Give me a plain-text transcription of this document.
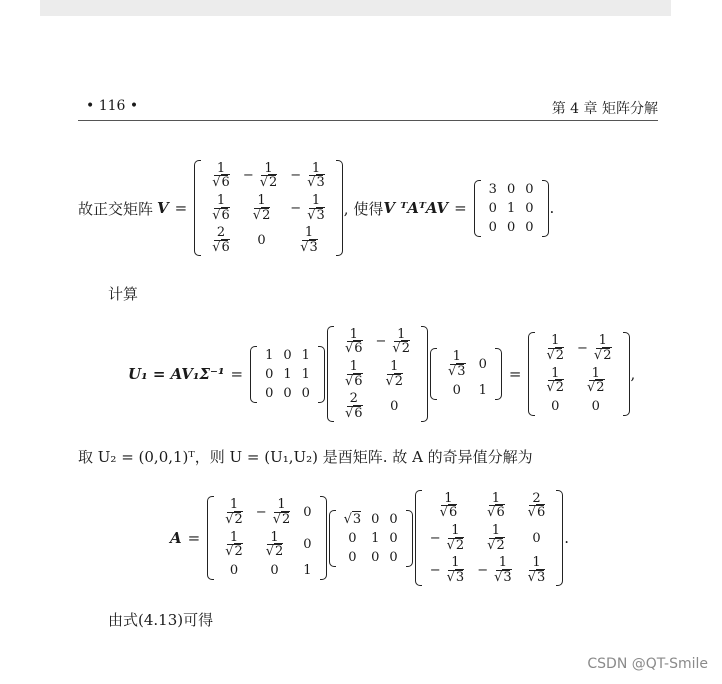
• 116 •	第 4 章 矩阵分解
故正交矩阵 V =
$\frac{1}{√6} - \frac{1}{√2} - \frac{1}{√3}$
$\frac{1}{√6} \frac{1}{√2} - \frac{1}{√3}$
$\frac{2}{√6} 0 \frac{1}{√3}$
, 使得 V ᵀAᵀAV =
3 0 0
0 1 0
0 0 0
.
计算
U₁ = AV₁Σ⁻¹ =
1 0 1
0 1 1
0 0 0
$\frac{1}{√6} - \frac{1}{√2}$
$\frac{1}{√6} \frac{1}{√2}$
$\frac{2}{√6} 0$
$\frac{1}{√3} 0$
0 1
=
$\frac{1}{√2} - \frac{1}{√2}$
$\frac{1}{√2} \frac{1}{√2}$
0 0
,
取 U₂ = (0,0,1)ᵀ，则 U = (U₁,U₂) 是酉矩阵. 故 A 的奇异值分解为
A =
$\frac{1}{√2} - \frac{1}{√2} 0$
$\frac{1}{√2} \frac{1}{√2} 0$
0 0 1
√3 0 0
0 1 0
0 0 0
$\frac{1}{√6} \frac{1}{√6} \frac{2}{√6}$
− $\frac{1}{√2} \frac{1}{√2} 0$
− $\frac{1}{√3} - \frac{1}{√3} \frac{1}{√3}$
.
由式(4.13)可得
CSDN @QT-Smile
